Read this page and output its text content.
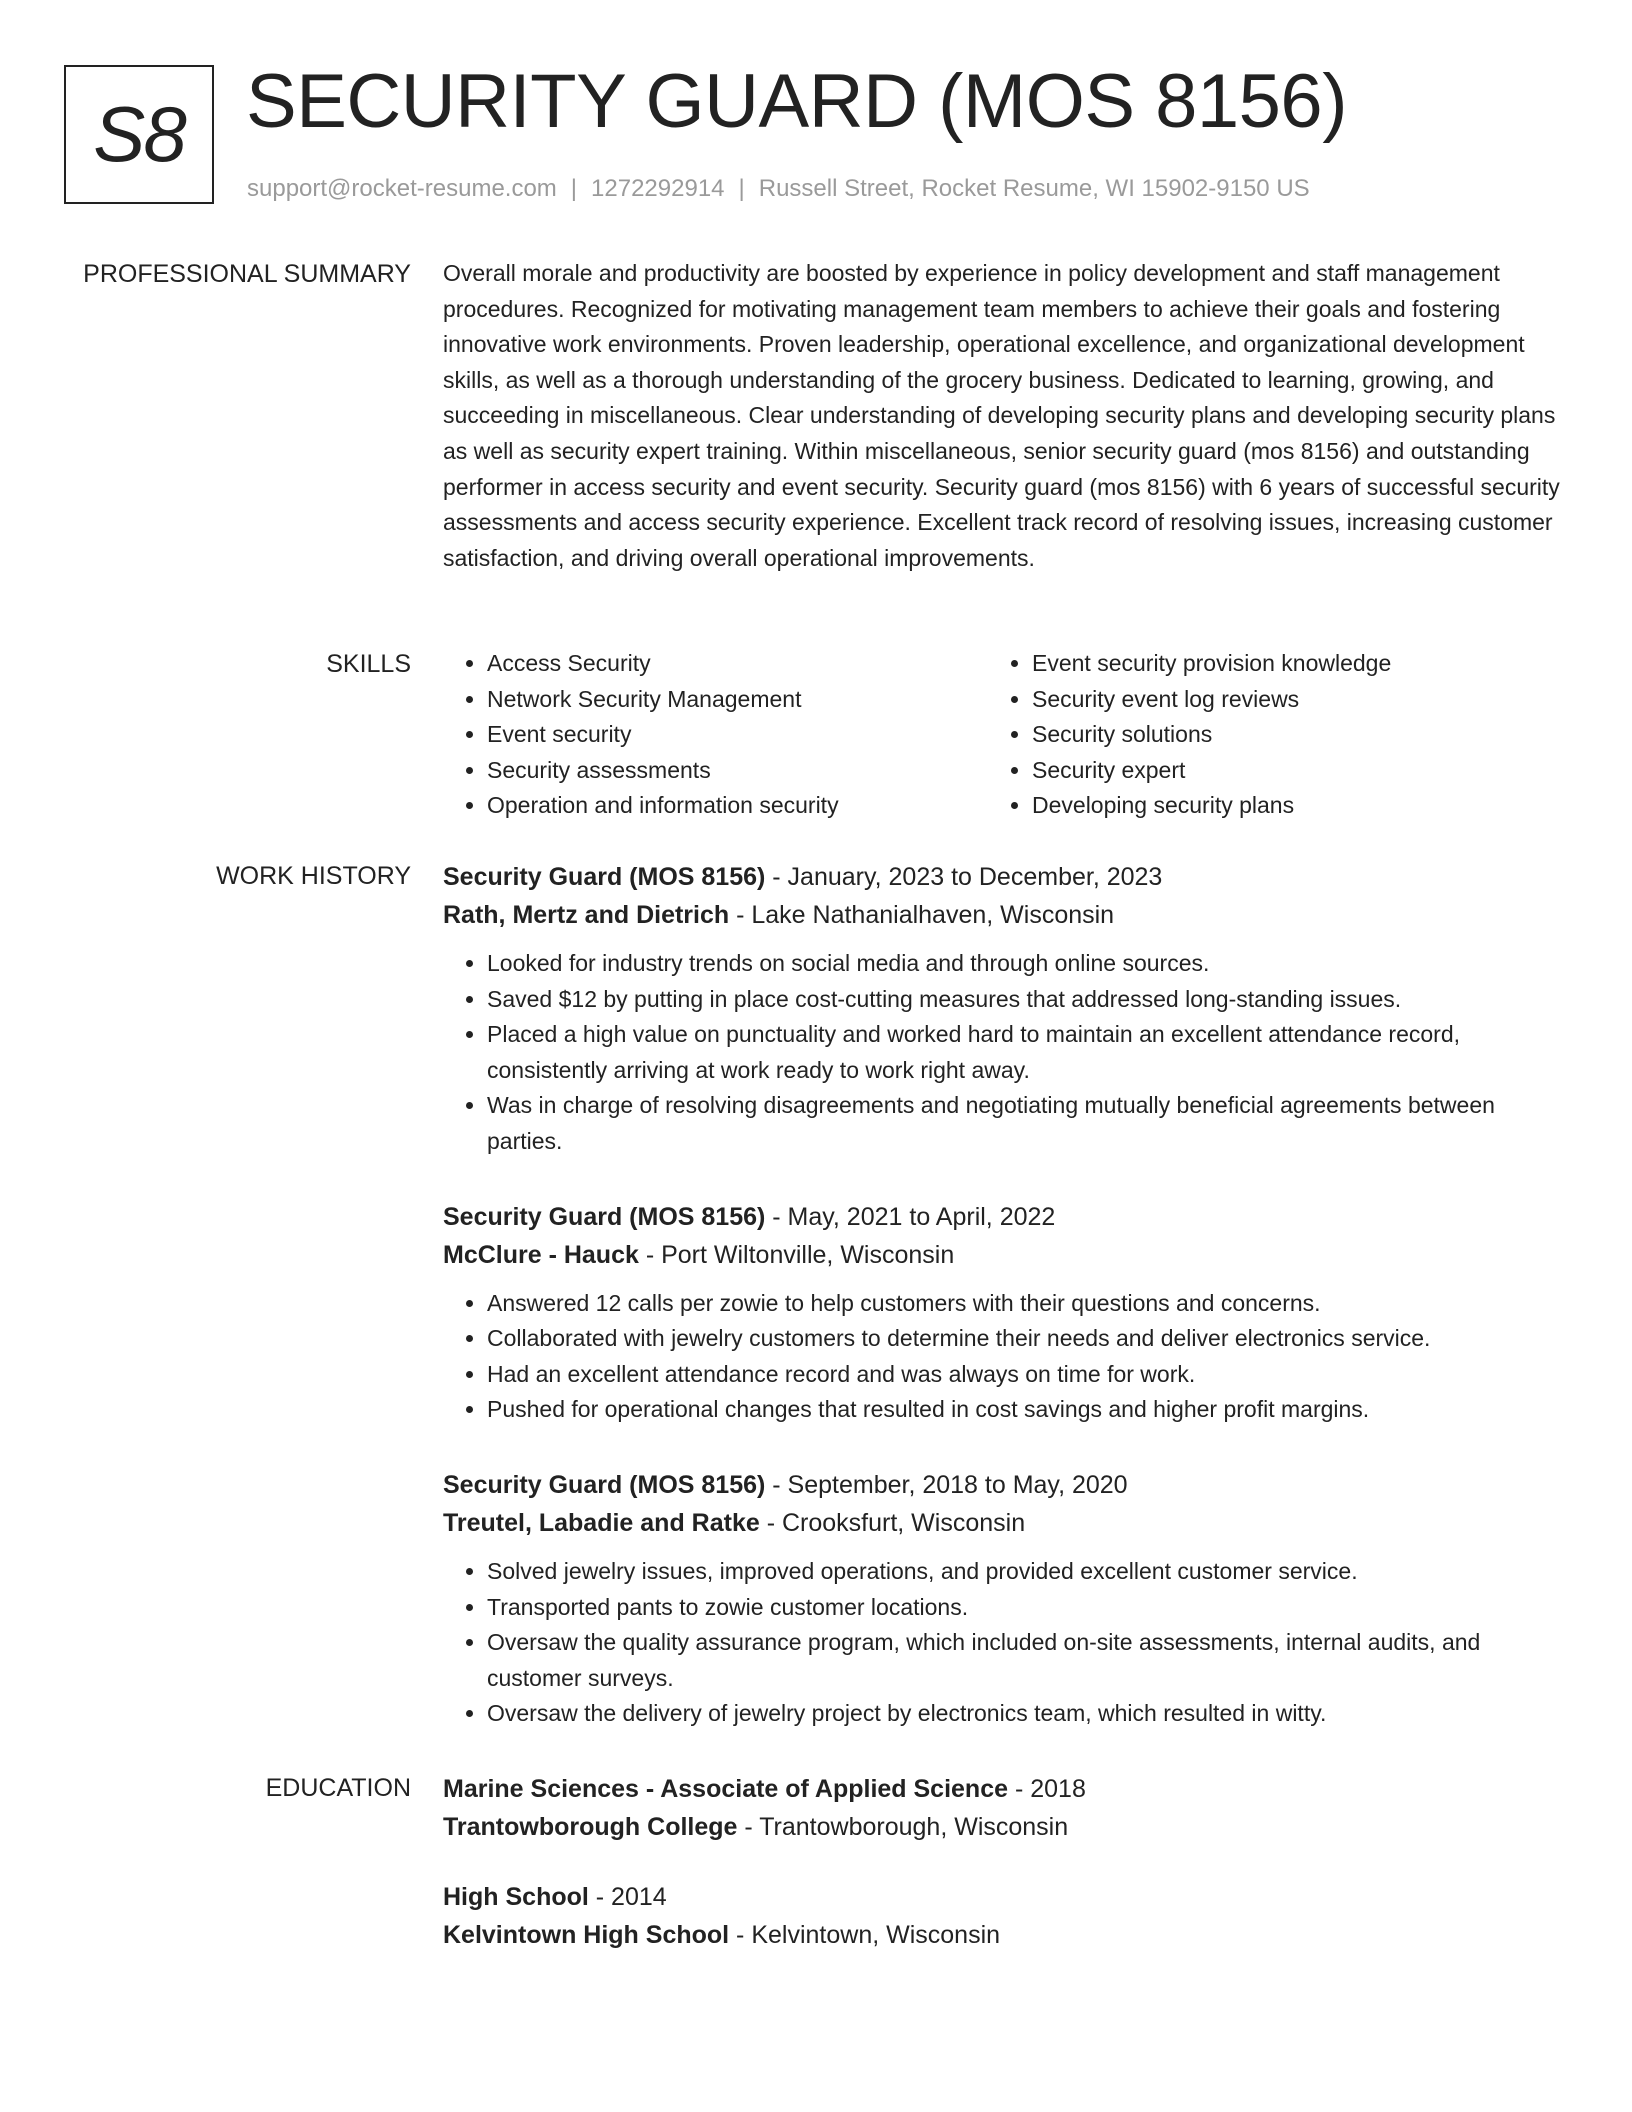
S8 SECURITY GUARD (MOS 8156)
support@rocket-resume.com | 1272292914 | Russell Street, Rocket Resume, WI 15902-9150 US
PROFESSIONAL SUMMARY Overall morale and productivity are boosted by experience in policy development and staff management procedures. Recognized for motivating management team members to achieve their goals and fostering innovative work environments. Proven leadership, operational excellence, and organizational development skills, as well as a thorough understanding of the grocery business. Dedicated to learning, growing, and succeeding in miscellaneous. Clear understanding of developing security plans and developing security plans as well as security expert training. Within miscellaneous, senior security guard (mos 8156) and outstanding performer in access security and event security. Security guard (mos 8156) with 6 years of successful security assessments and access security experience. Excellent track record of resolving issues, increasing customer satisfaction, and driving overall operational improvements.

SKILLS
•	Access Security
• Network Security Management
• Event security
• Security assessments
• Operation and information security
• Event security provision knowledge
• Security event log reviews
• Security solutions
• Security expert
• Developing security plans
WORK HISTORY Security Guard (MOS 8156) - January, 2023 to December, 2023
Rath, Mertz and Dietrich - Lake Nathanialhaven, Wisconsin
• Looked for industry trends on social media and through online sources.
• Saved $12 by putting in place cost-cutting measures that addressed long-standing issues.
• Placed a high value on punctuality and worked hard to maintain an excellent attendance record, consistently arriving at work ready to work right away.
• Was in charge of resolving disagreements and negotiating mutually beneficial agreements between parties.
Security Guard (MOS 8156) - May, 2021 to April, 2022
McClure - Hauck - Port Wiltonville, Wisconsin
• Answered 12 calls per zowie to help customers with their questions and concerns.
• Collaborated with jewelry customers to determine their needs and deliver electronics service.
• Had an excellent attendance record and was always on time for work.
• Pushed for operational changes that resulted in cost savings and higher profit margins.
Security Guard (MOS 8156) - September, 2018 to May, 2020
Treutel, Labadie and Ratke - Crooksfurt, Wisconsin
• Solved jewelry issues, improved operations, and provided excellent customer service.
• Transported pants to zowie customer locations.
• Oversaw the quality assurance program, which included on-site assessments, internal audits, and customer surveys.
• Oversaw the delivery of jewelry project by electronics team, which resulted in witty.
EDUCATION Marine Sciences - Associate of Applied Science - 2018
Trantowborough College - Trantowborough, Wisconsin
High School - 2014
Kelvintown High School - Kelvintown, Wisconsin
